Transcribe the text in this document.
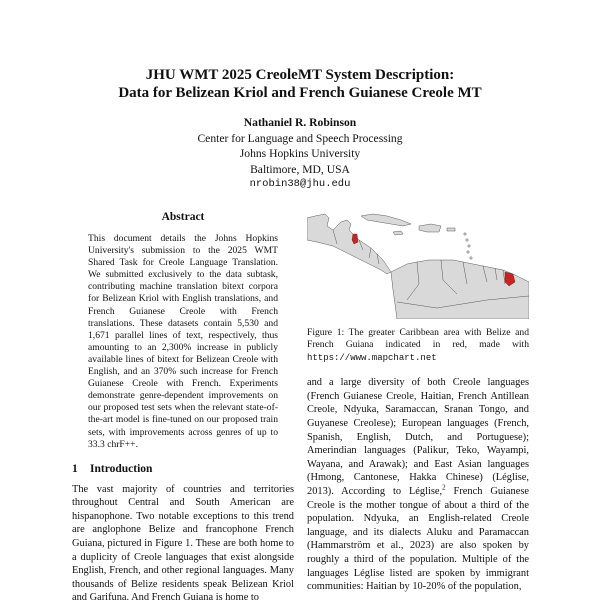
JHU WMT 2025 CreoleMT System Description:
Data for Belizean Kriol and French Guianese Creole MT
Nathaniel R. Robinson
Center for Language and Speech Processing
Johns Hopkins University
Baltimore, MD, USA
nrobin38@jhu.edu
Abstract

This document details the Johns Hopkins University's submission to the 2025 WMT Shared Task for Creole Language Translation. We submitted exclusively to the data subtask, contributing machine translation bitext corpora for Belizean Kriol with English translations, and French Guianese Creole with French translations. These datasets contain 5,530 and 1,671 parallel lines of text, respectively, thus amounting to an 2,300% increase in publicly available lines of bitext for Belizean Creole with English, and an 370% such increase for French Guianese Creole with French. Experiments demonstrate genre-dependent improvements on our proposed test sets when the relevant state-of-the-art model is fine-tuned on our proposed train sets, with improvements across genres of up to 33.3 chrF++.

1 Introduction

The vast majority of countries and territories throughout Central and South American are hispanophone. Two notable exceptions to this trend are anglophone Belize and francophone French Guiana, pictured in Figure 1. These are both home to a duplicity of Creole languages that exist alongside English, French, and other regional languages. Many thousands of Belize residents speak Belizean Kriol and Garifuna. And French Guiana is home to

Figure 1: The greater Caribbean area with Belize and French Guiana indicated in red, made with https://www.mapchart.net

and a large diversity of both Creole languages (French Guianese Creole, Haitian, French Antillean Creole, Ndyuka, Saramaccan, Sranan Tongo, and Guyanese Creolese); European languages (French, Spanish, English, Dutch, and Portuguese); Amerindian languages (Palikur, Teko, Wayampi, Wayana, and Arawak); and East Asian languages (Hmong, Cantonese, Hakka Chinese) (Léglise, 2013). According to Léglise,$^2$ French Guianese Creole is the mother tongue of about a third of the population. Ndyuka, an English-related Creole language, and its dialects Aluku and Paramaccan (Hammarström et al., 2023) are also spoken by roughly a third of the population. Multiple of the languages Léglise listed are spoken by immigrant communities: Haitian by 10-20% of the population,
